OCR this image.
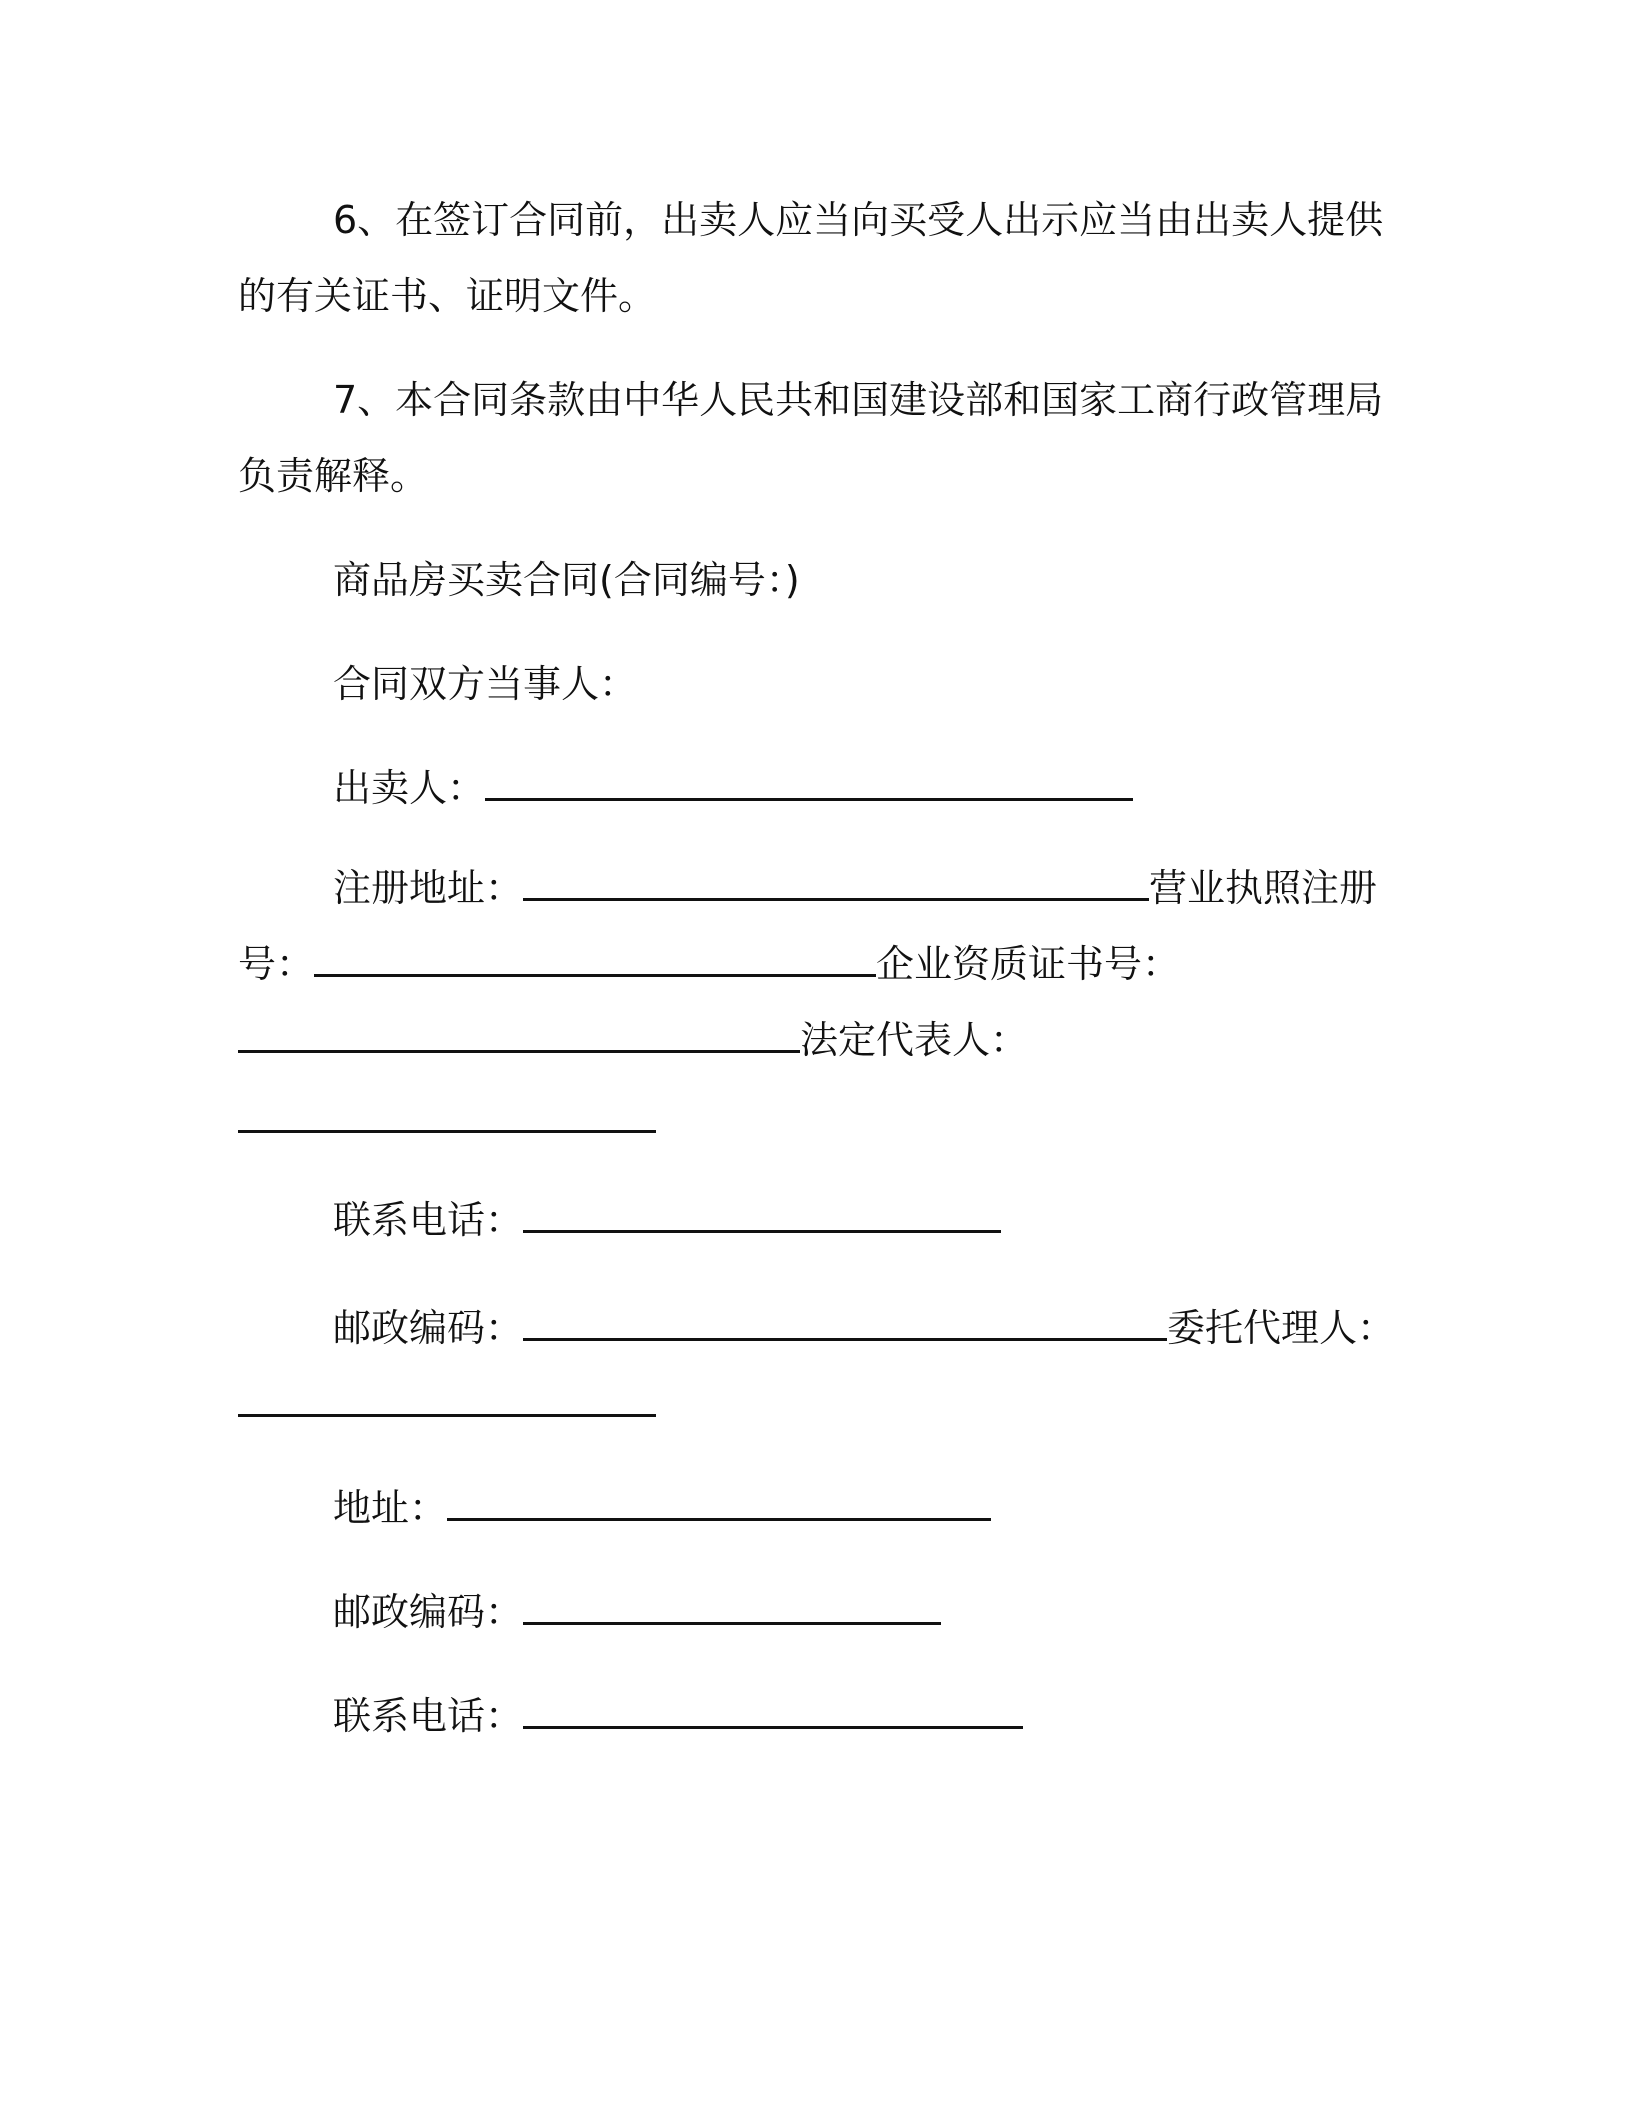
6、在签订合同前，出卖人应当向买受人出示应当由出卖人提供
的有关证书、证明文件。
7、本合同条款由中华人民共和国建设部和国家工商行政管理局
负责解释。
商品房买卖合同(合同编号：)
合同双方当事人：
出卖人：
注册地址：	营业执照注册
号：	企业资质证书号：
法定代表人：
联系电话：
邮政编码：	委托代理人：
地址：
邮政编码：
联系电话：
